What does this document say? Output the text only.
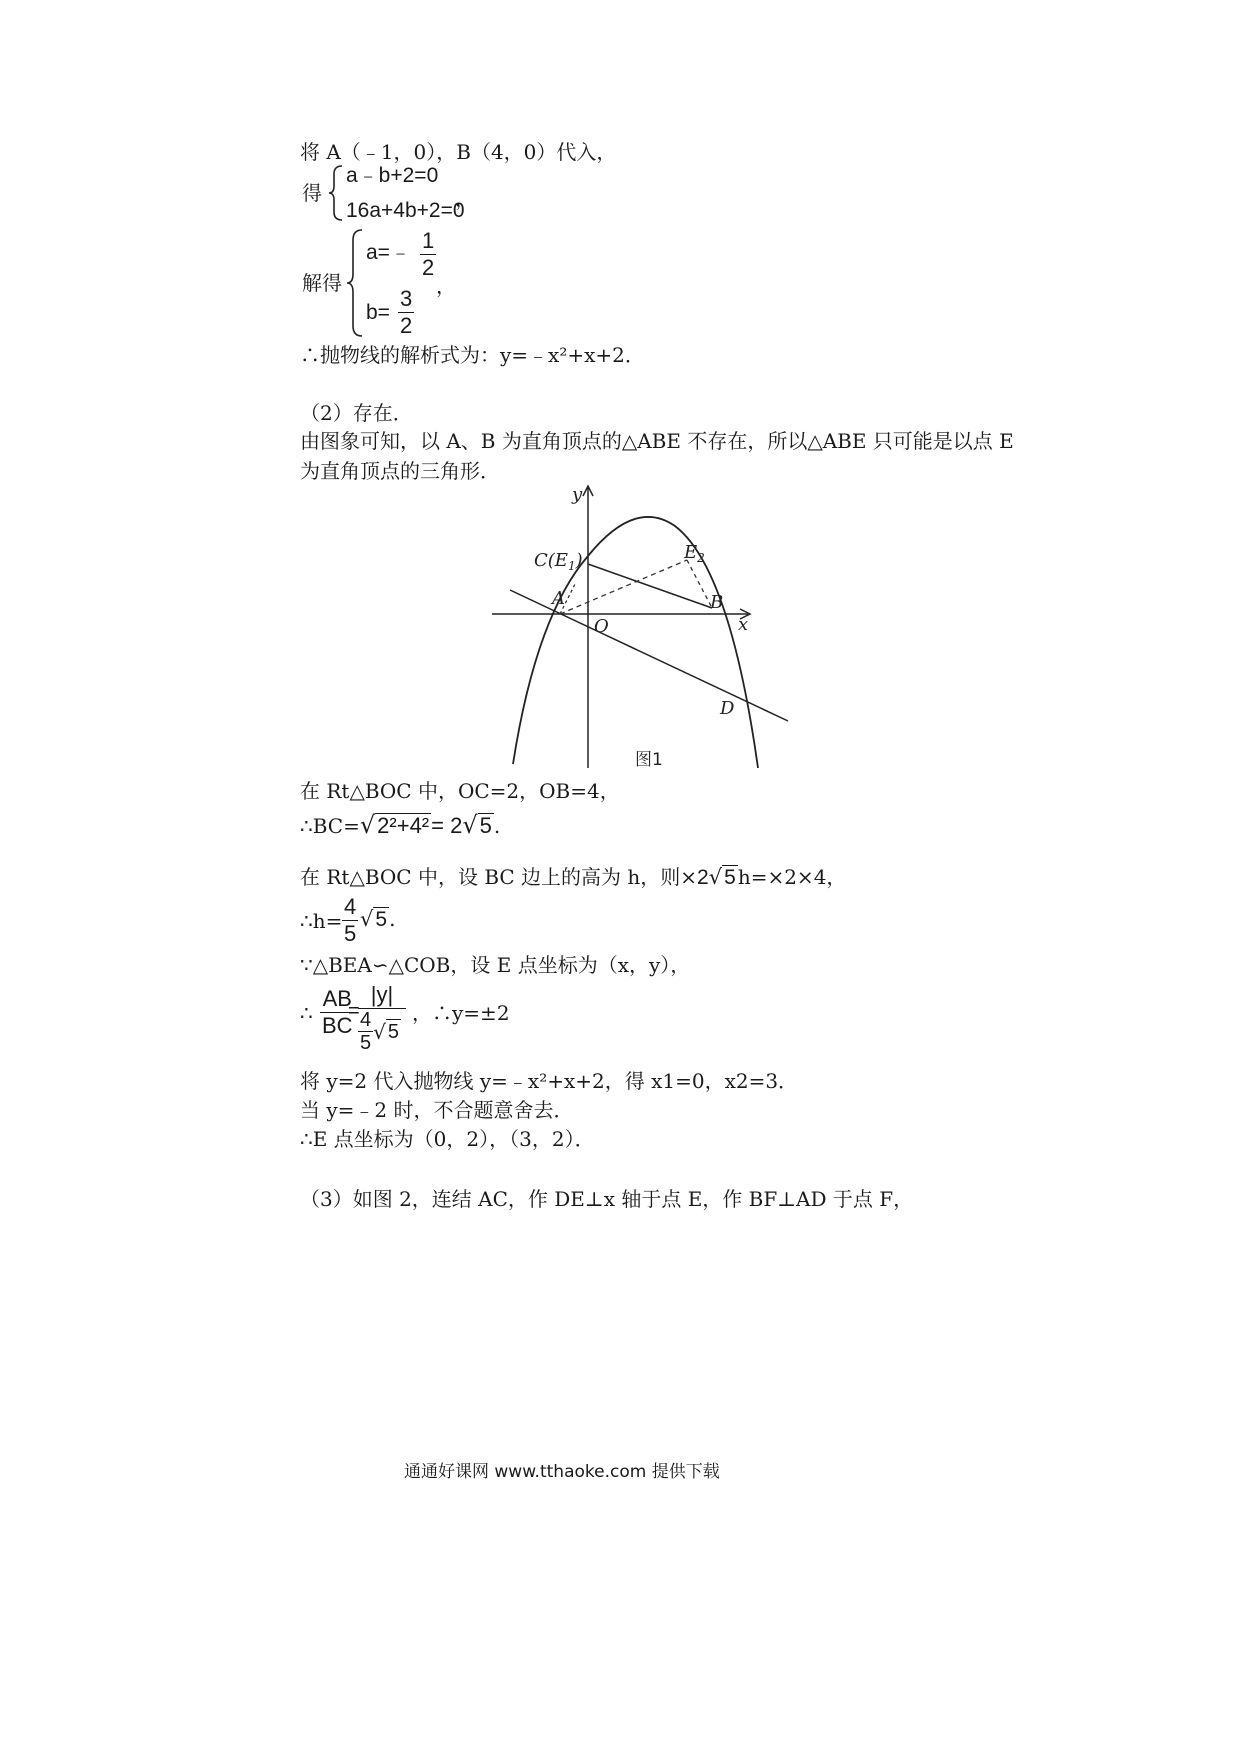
将 A（﹣1，0），B（4，0）代入，
得
a﹣b+2=0
16a+4b+2=0
，
解得
a=﹣ $\frac{1}{2}$
，
$b= \frac{3}{2}$
∴抛物线的解析式为：y=﹣x²+x+2．
（2）存在．
由图象可知，以 A、B 为直角顶点的△ABE 不存在，所以△ABE 只可能是以点 E
为直角顶点的三角形．
y
x
$C(E_1)$	$E_2$
A
O
B
D
图1
在 Rt△BOC 中，OC=2，OB=4，
∴BC=√2²+4²= 2√5 .
在 Rt△BOC 中，设 BC 边上的高为 h，则×2√5 h=×2×4，
∴h= $\frac{4}{5} √5$ .
∵△BEA∽△COB，设 E 点坐标为（x，y），
∴ $\frac{AB}{BC}$
=
|y|
$\frac{4}{5}$ √ 5
，∴y=±2
将 y=2 代入抛物线 y=﹣x²+x+2，得 x1=0，x2=3．
当 y=﹣2 时，不合题意舍去．
∴E 点坐标为（0，2），（3，2）．
（3）如图 2，连结 AC，作 DE⊥x 轴于点 E，作 BF⊥AD 于点 F，
通通好课网 www.tthaoke.com 提供下载
